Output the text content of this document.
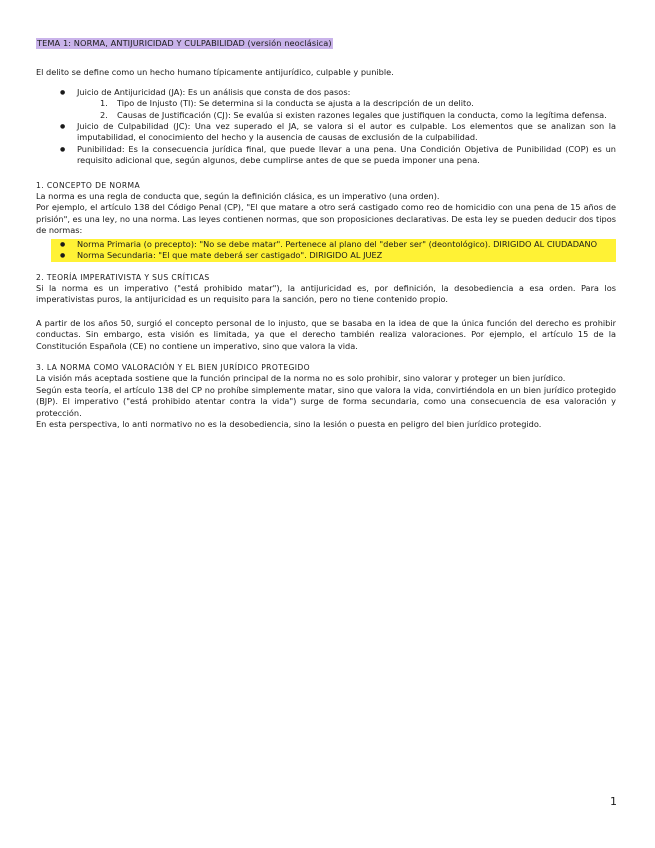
TEMA 1: NORMA, ANTIJURICIDAD Y CULPABILIDAD (versión neoclásica)

El delito se define como un hecho humano típicamente antijurídico, culpable y punible.

● Juicio de Antijuricidad (JA): Es un análisis que consta de dos pasos:
1. Tipo de Injusto (TI): Se determina si la conducta se ajusta a la descripción de un delito.
2. Causas de Justificación (CJ): Se evalúa si existen razones legales que justifiquen la conducta, como la legítima defensa.
● Juicio de Culpabilidad (JC): Una vez superado el JA, se valora si el autor es culpable. Los elementos que se analizan son la imputabilidad, el conocimiento del hecho y la ausencia de causas de exclusión de la culpabilidad.
● Punibilidad: Es la consecuencia jurídica final, que puede llevar a una pena. Una Condición Objetiva de Punibilidad (COP) es un requisito adicional que, según algunos, debe cumplirse antes de que se pueda imponer una pena.
1. CONCEPTO DE NORMA

La norma es una regla de conducta que, según la definición clásica, es un imperativo (una orden).

Por ejemplo, el artículo 138 del Código Penal (CP), "El que matare a otro será castigado como reo de homicidio con una pena de 15 años de prisión", es una ley, no una norma. Las leyes contienen normas, que son proposiciones declarativas. De esta ley se pueden deducir dos tipos de normas:

● Norma Primaria (o precepto): "No se debe matar". Pertenece al plano del "deber ser" (deontológico). DIRIGIDO AL CIUDADANO
● Norma Secundaria: "El que mate deberá ser castigado". DIRIGIDO AL JUEZ
2. TEORÍA IMPERATIVISTA Y SUS CRÍTICAS

Si la norma es un imperativo ("está prohibido matar"), la antijuricidad es, por definición, la desobediencia a esa orden. Para los imperativistas puros, la antijuricidad es un requisito para la sanción, pero no tiene contenido propio.

A partir de los años 50, surgió el concepto personal de lo injusto, que se basaba en la idea de que la única función del derecho es prohibir conductas. Sin embargo, esta visión es limitada, ya que el derecho también realiza valoraciones. Por ejemplo, el artículo 15 de la Constitución Española (CE) no contiene un imperativo, sino que valora la vida.

3. LA NORMA COMO VALORACIÓN Y EL BIEN JURÍDICO PROTEGIDO

La visión más aceptada sostiene que la función principal de la norma no es solo prohibir, sino valorar y proteger un bien jurídico.

Según esta teoría, el artículo 138 del CP no prohíbe simplemente matar, sino que valora la vida, convirtiéndola en un bien jurídico protegido (BJP). El imperativo ("está prohibido atentar contra la vida") surge de forma secundaria, como una consecuencia de esa valoración y protección.

En esta perspectiva, lo anti normativo no es la desobediencia, sino la lesión o puesta en peligro del bien jurídico protegido.

1
